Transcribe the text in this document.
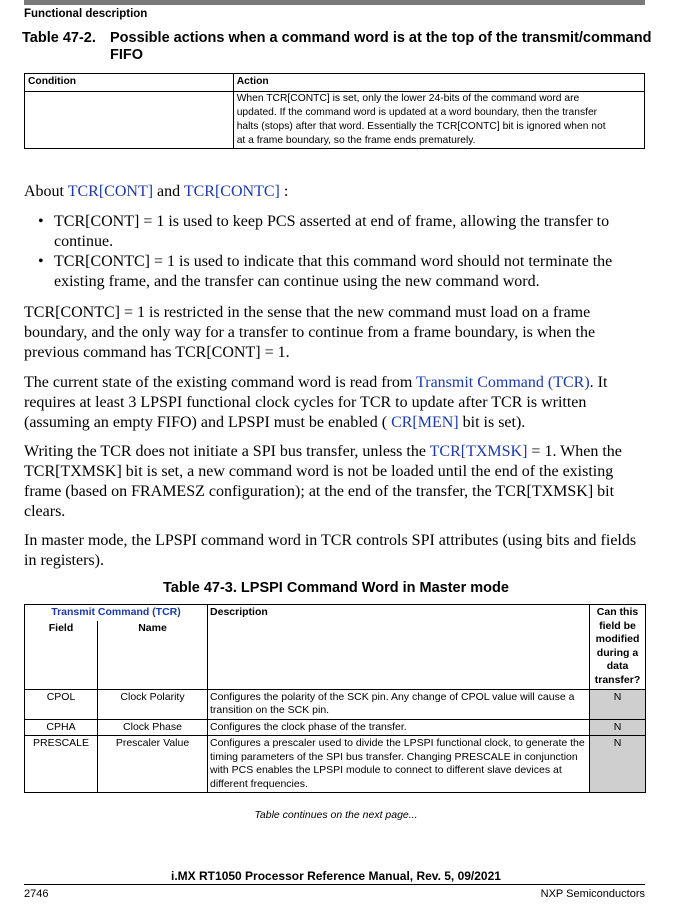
Functional description
Table 47-2. Possible actions when a command word is at the top of the transmit/command
FIFO
Condition	Action

	When TCR[CONTC] is set, only the lower 24-bits of the command word are
updated. If the command word is updated at a word boundary, then the transfer
halts (stops) after that word. Essentially the TCR[CONTC] bit is ignored when not
at a frame boundary, so the frame ends prematurely.
About TCR[CONT] and TCR[CONTC] :
• TCR[CONT] = 1 is used to keep PCS asserted at end of frame, allowing the transfer to continue.
• TCR[CONTC] = 1 is used to indicate that this command word should not terminate the existing frame, and the transfer can continue using the new command word.
TCR[CONTC] = 1 is restricted in the sense that the new command must load on a frame boundary, and the only way for a transfer to continue from a frame boundary, is when the previous command has TCR[CONT] = 1.
The current state of the existing command word is read from Transmit Command (TCR). It requires at least 3 LPSPI functional clock cycles for TCR to update after TCR is written (assuming an empty FIFO) and LPSPI must be enabled ( CR[MEN] bit is set).
Writing the TCR does not initiate a SPI bus transfer, unless the TCR[TXMSK] = 1. When the TCR[TXMSK] bit is set, a new command word is not be loaded until the end of the existing frame (based on FRAMESZ configuration); at the end of the transfer, the TCR[TXMSK] bit clears.
In master mode, the LPSPI command word in TCR controls SPI attributes (using bits and fields in registers).
Table 47-3. LPSPI Command Word in Master mode
Transmit Command (TCR)		Description	Can this field be modified during a data transfer?
Field	Name		
CPOL	Clock Polarity	Configures the polarity of the SCK pin. Any change of CPOL value will cause a transition on the SCK pin.	N
CPHA	Clock Phase	Configures the clock phase of the transfer.	N
PRESCALE	Prescaler Value	Configures a prescaler used to divide the LPSPI functional clock, to generate the timing parameters of the SPI bus transfer. Changing PRESCALE in conjunction with PCS enables the LPSPI module to connect to different slave devices at different frequencies.	N
Table continues on the next page...
i.MX RT1050 Processor Reference Manual, Rev. 5, 09/2021
2746	NXP Semiconductors
